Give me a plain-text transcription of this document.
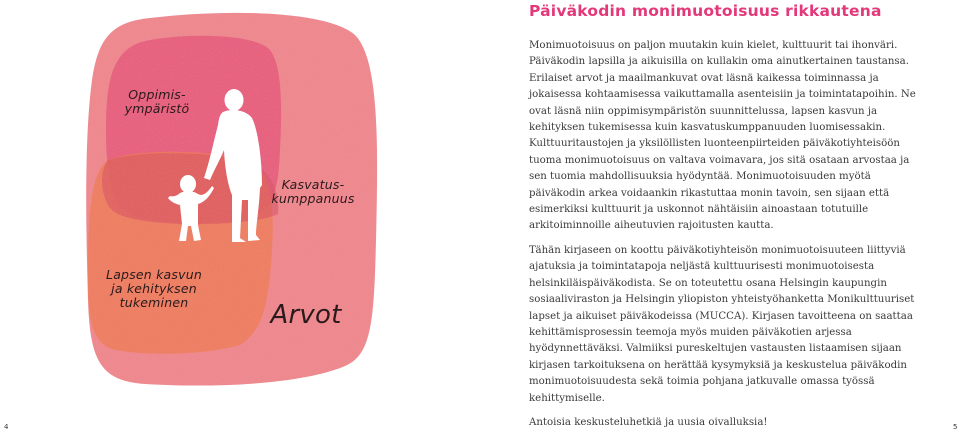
Oppimis-
ympäristö
Kasvatus-
kumppanuus
Lapsen kasvun
ja kehityksen
tukeminen	Arvot
4
Päiväkodin monimuotoisuus rikkautena

Monimuotoisuus on paljon muutakin kuin kielet, kulttuurit tai ihonväri. Päiväkodin lapsilla ja aikuisilla on kullakin oma ainutkertainen taustansa. Erilaiset arvot ja maailmankuvat ovat läsnä kaikessa toiminnassa ja jokaisessa kohtaamisessa vaikuttamalla asenteisiin ja toimintatapoihin. Ne ovat läsnä niin oppimisympäristön suunnittelussa, lapsen kasvun ja kehityksen tukemisessa kuin kasvatuskumppanuuden luomisessakin. Kulttuuritaustojen ja yksilöllisten luonteenpiirteiden päiväkotiyhteisöön tuoma monimuotoisuus on valtava voimavara, jos sitä osataan arvostaa ja sen tuomia mahdollisuuksia hyödyntää. Monimuotoisuuden myötä päiväkodin arkea voidaankin rikastuttaa monin tavoin, sen sijaan että esimerkiksi kulttuurit ja uskonnot nähtäisiin ainoastaan totutuille arkitoiminnoille aiheutuvien rajoitusten kautta.

Tähän kirjaseen on koottu päiväkotiyhteisön monimuotoisuuteen liittyviä ajatuksia ja toimintatapoja neljästä kulttuurisesti monimuotoisesta helsinkiläispäiväkodista. Se on toteutettu osana Helsingin kaupungin sosiaaliviraston ja Helsingin yliopiston yhteistyöhanketta Monikulttuuriset lapset ja aikuiset päiväkodeissa (MUCCA). Kirjasen tavoitteena on saattaa kehittämisprosessin teemoja myös muiden päiväkotien arjessa hyödynnettäväksi. Valmiiksi pureskeltujen vastausten listaamisen sijaan kirjasen tarkoituksena on herättää kysymyksiä ja keskustelua päiväkodin monimuotoisuudesta sekä toimia pohjana jatkuvalle omassa työssä kehittymiselle.

Antoisia keskusteluhetkiä ja uusia oivalluksia!	5
